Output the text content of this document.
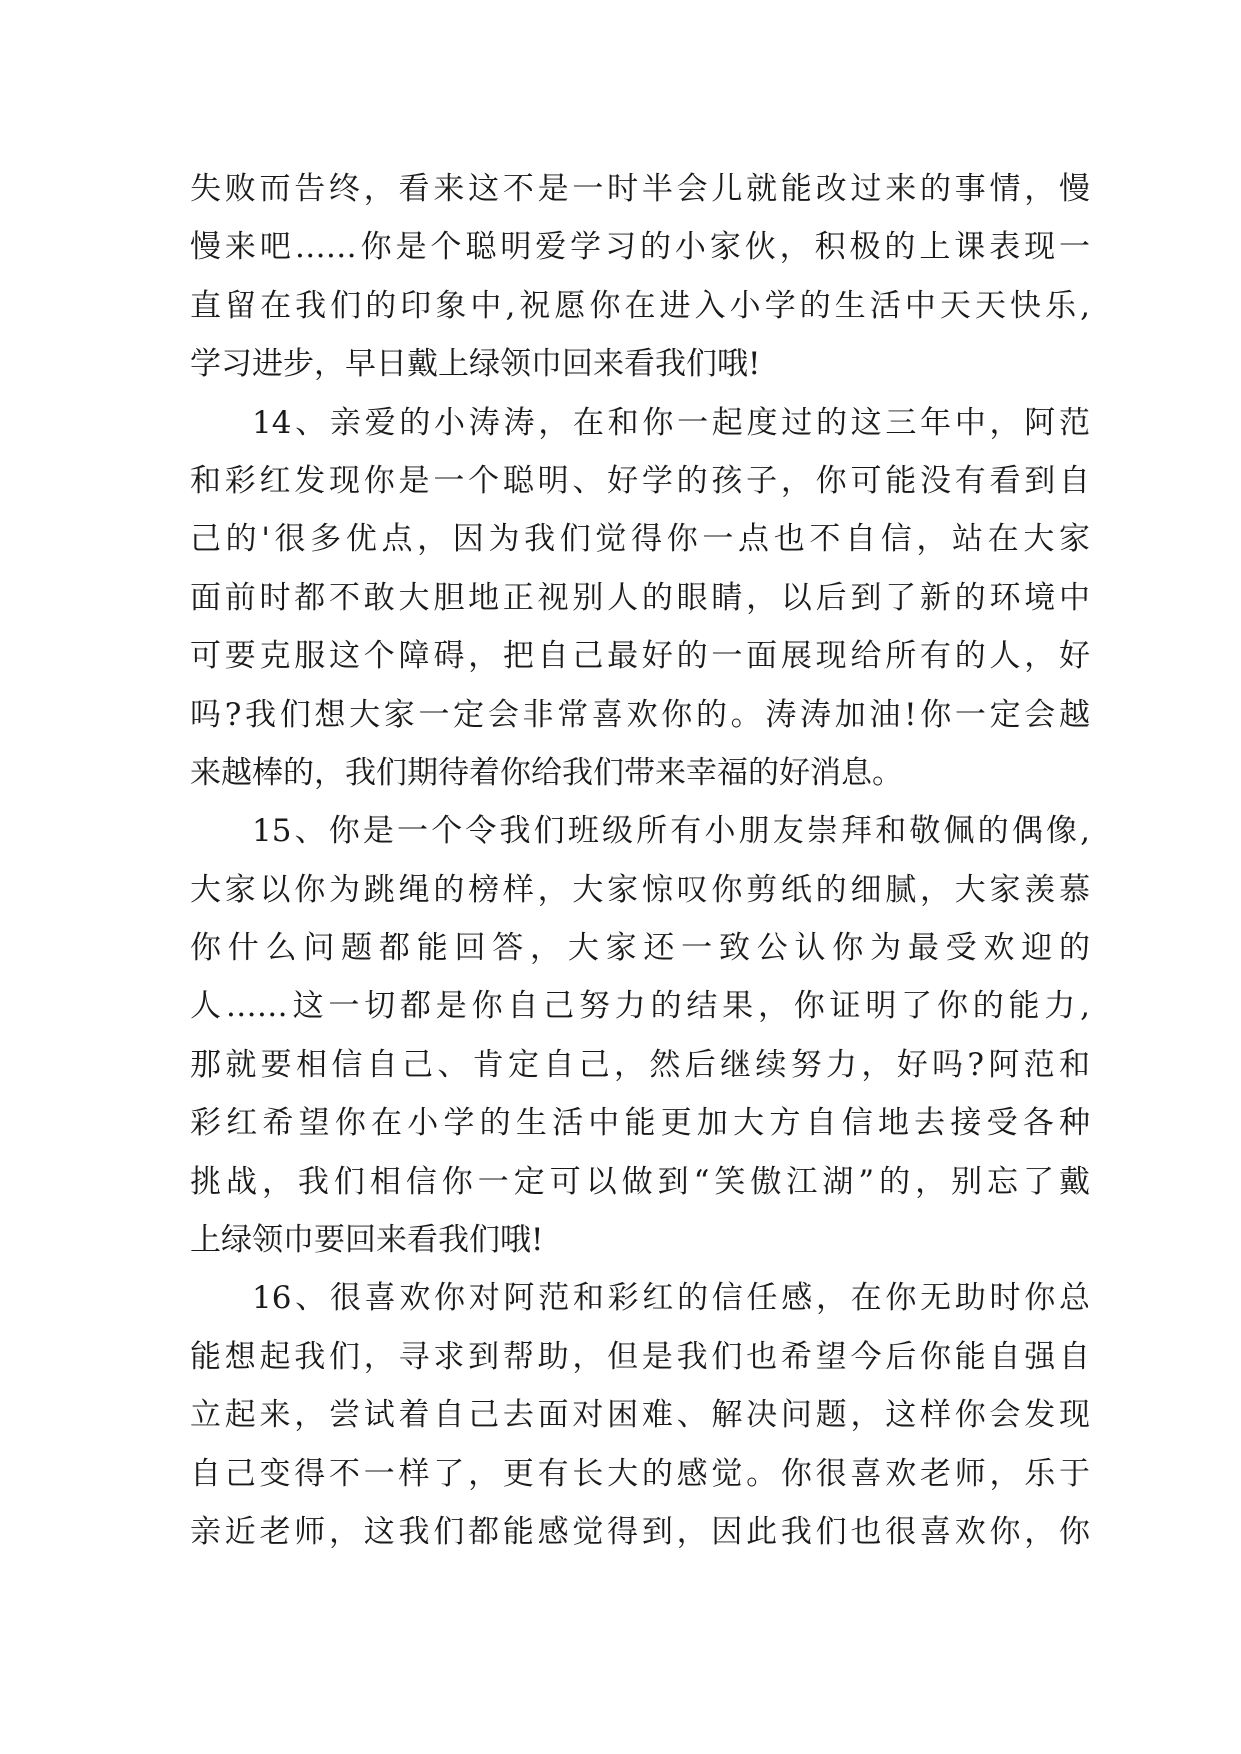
失败而告终，看来这不是一时半会儿就能改过来的事情，慢
慢来吧……你是个聪明爱学习的小家伙，积极的上课表现一
直留在我们的印象中,祝愿你在进入小学的生活中天天快乐,
学习进步，早日戴上绿领巾回来看我们哦!
14、亲爱的小涛涛，在和你一起度过的这三年中，阿范
和彩红发现你是一个聪明、好学的孩子，你可能没有看到自
己的'很多优点，因为我们觉得你一点也不自信，站在大家
面前时都不敢大胆地正视别人的眼睛，以后到了新的环境中
可要克服这个障碍，把自己最好的一面展现给所有的人，好
吗?我们想大家一定会非常喜欢你的。涛涛加油!你一定会越
来越棒的，我们期待着你给我们带来幸福的好消息。
15、你是一个令我们班级所有小朋友崇拜和敬佩的偶像,
大家以你为跳绳的榜样，大家惊叹你剪纸的细腻，大家羡慕
你什么问题都能回答，大家还一致公认你为最受欢迎的
人……这一切都是你自己努力的结果，你证明了你的能力,
那就要相信自己、肯定自己，然后继续努力，好吗?阿范和
彩红希望你在小学的生活中能更加大方自信地去接受各种
挑战，我们相信你一定可以做到“笑傲江湖”的，别忘了戴
上绿领巾要回来看我们哦!
16、很喜欢你对阿范和彩红的信任感，在你无助时你总
能想起我们，寻求到帮助，但是我们也希望今后你能自强自
立起来，尝试着自己去面对困难、解决问题，这样你会发现
自己变得不一样了，更有长大的感觉。你很喜欢老师，乐于
亲近老师，这我们都能感觉得到，因此我们也很喜欢你，你
